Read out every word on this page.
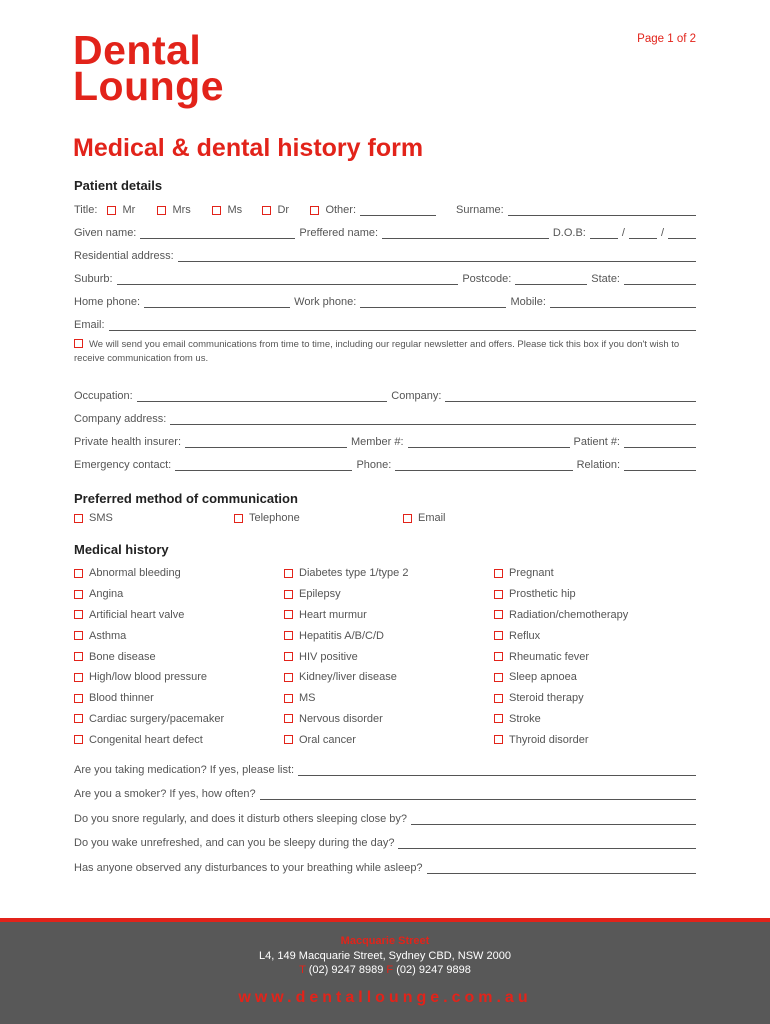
Page 1 of 2
Dental
Lounge
Medical & dental history form
Patient details
Title: Mr	Mrs	Ms	Dr	Other:	Surname:
Given name:	Preffered name:	D.O.B:	/	/
Residential address:
Suburb:	Postcode:	State:
Home phone:	Work phone:	Mobile:
Email:
We will send you email communications from time to time, including our regular newsletter and offers. Please tick this box if you don't wish to receive communication from us.
Occupation:	Company:
Company address:
Private health insurer:	Member #:	Patient #:
Emergency contact:	Phone:	Relation:
Preferred method of communication
SMS	Telephone	Email
Medical history
Abnormal bleeding	Diabetes type 1/type 2	Pregnant
Angina	Epilepsy	Prosthetic hip
Artificial heart valve	Heart murmur	Radiation/chemotherapy
Asthma	Hepatitis A/B/C/D	Reflux
Bone disease	HIV positive	Rheumatic fever
High/low blood pressure	Kidney/liver disease	Sleep apnoea
Blood thinner	MS	Steroid therapy
Cardiac surgery/pacemaker	Nervous disorder	Stroke
Congenital heart defect	Oral cancer	Thyroid disorder
Are you taking medication? If yes, please list:
Are you a smoker? If yes, how often?
Do you snore regularly, and does it disturb others sleeping close by?
Do you wake unrefreshed, and can you be sleepy during the day?
Has anyone observed any disturbances to your breathing while asleep?
Macquarie Street
L4, 149 Macquarie Street, Sydney CBD, NSW 2000
T (02) 9247 8989 F (02) 9247 9898
www.dentallounge.com.au
